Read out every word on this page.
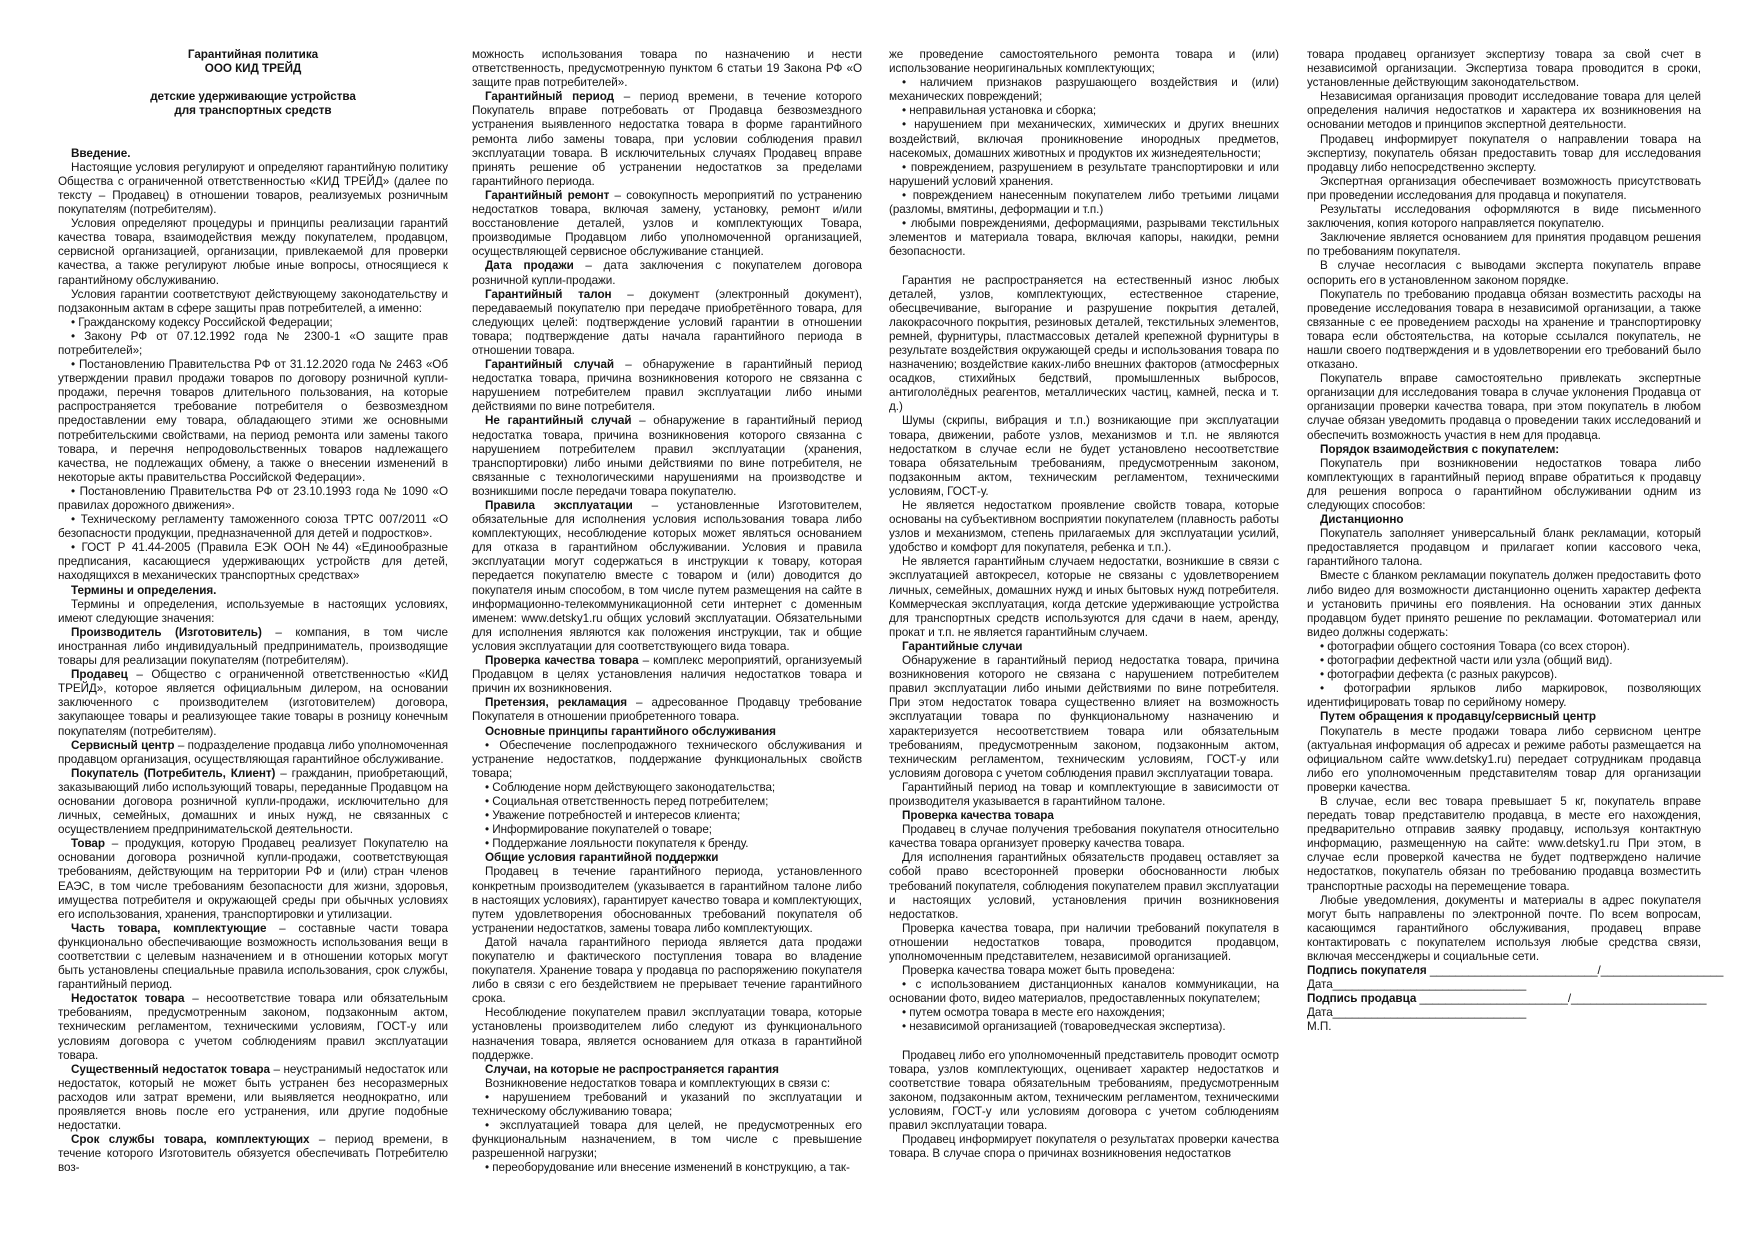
Гарантийная политика

ООО КИД ТРЕЙД

детские удерживающие устройства

для транспортных средств

Введение.

Настоящие условия регулируют и определяют гарантийную политику Общества с ограниченной ответственностью «КИД ТРЕЙД» (далее по тексту – Продавец) в отношении товаров, реализуемых розничным покупателям (потребителям).

Условия определяют процедуры и принципы реализации гарантий качества товара, взаимодействия между покупателем, продавцом, сервисной организацией, организации, привлекаемой для проверки качества, а также регулируют любые иные вопросы, относящиеся к гарантийному обслуживанию.

Условия гарантии соответствуют действующему законодательству и подзаконным актам в сфере защиты прав потребителей, а именно:

• Гражданскому кодексу Российской Федерации;

• Закону РФ от 07.12.1992 года № 2300-1 «О защите прав потребителей»;

• Постановлению Правительства РФ от 31.12.2020 года № 2463 «Об утверждении правил продажи товаров по договору розничной купли-продажи, перечня товаров длительного пользования, на которые распространяется требование потребителя о безвозмездном предоставлении ему товара, обладающего этими же основными потребительскими свойствами, на период ремонта или замены такого товара, и перечня непродовольственных товаров надлежащего качества, не подлежащих обмену, а также о внесении изменений в некоторые акты правительства Российской Федерации».

• Постановлению Правительства РФ от 23.10.1993 года № 1090 «О правилах дорожного движения».

• Техническому регламенту таможенного союза ТРТС 007/2011 «О безопасности продукции, предназначенной для детей и подростков».

• ГОСТ Р 41.44-2005 (Правила ЕЭК ООН №44) «Единообразные предписания, касающиеся удерживающих устройств для детей, находящихся в механических транспортных средствах»

Термины и определения.

Термины и определения, используемые в настоящих условиях, имеют следующие значения:

Производитель (Изготовитель) – компания, в том числе иностранная либо индивидуальный предприниматель, производящие товары для реализации покупателям (потребителям).

Продавец – Общество с ограниченной ответственностью «КИД ТРЕЙД», которое является официальным дилером, на основании заключенного с производителем (изготовителем) договора, закупающее товары и реализующее такие товары в розницу конечным покупателям (потребителям).

Сервисный центр – подразделение продавца либо уполномоченная продавцом организация, осуществляющая гарантийное обслуживание.

Покупатель (Потребитель, Клиент) – гражданин, приобретающий, заказывающий либо использующий товары, переданные Продавцом на основании договора розничной купли-продажи, исключительно для личных, семейных, домашних и иных нужд, не связанных с осуществлением предпринимательской деятельности.

Товар – продукция, которую Продавец реализует Покупателю на основании договора розничной купли-продажи, соответствующая требованиям, действующим на территории РФ и (или) стран членов ЕАЭС, в том числе требованиям безопасности для жизни, здоровья, имущества потребителя и окружающей среды при обычных условиях его использования, хранения, транспортировки и утилизации.

Часть товара, комплектующие – составные части товара функционально обеспечивающие возможность использования вещи в соответствии с целевым назначением и в отношении которых могут быть установлены специальные правила использования, срок службы, гарантийный период.

Недостаток товара – несоответствие товара или обязательным требованиям, предусмотренным законом, подзаконным актом, техническим регламентом, техническими условиям, ГОСТ-у или условиям договора с учетом соблюдениям правил эксплуатации товара.

Существенный недостаток товара – неустранимый недостаток или недостаток, который не может быть устранен без несоразмерных расходов или затрат времени, или выявляется неоднократно, или проявляется вновь после его устранения, или другие подобные недостатки.

Срок службы товара, комплектующих – период времени, в течение которого Изготовитель обязуется обеспечивать Потребителю воз-

можность использования товара по назначению и нести ответственность, предусмотренную пунктом 6 статьи 19 Закона РФ «О защите прав потребителей».

Гарантийный период – период времени, в течение которого Покупатель вправе потребовать от Продавца безвозмездного устранения выявленного недостатка товара в форме гарантийного ремонта либо замены товара, при условии соблюдения правил эксплуатации товара. В исключительных случаях Продавец вправе принять решение об устранении недостатков за пределами гарантийного периода.

Гарантийный ремонт – совокупность мероприятий по устранению недостатков товара, включая замену, установку, ремонт и/или восстановление деталей, узлов и комплектующих Товара, производимые Продавцом либо уполномоченной организацией, осуществляющей сервисное обслуживание станцией.

Дата продажи – дата заключения с покупателем договора розничной купли-продажи.

Гарантийный талон – документ (электронный документ), передаваемый покупателю при передаче приобретённого товара, для следующих целей: подтверждение условий гарантии в отношении товара; подтверждение даты начала гарантийного периода в отношении товара.

Гарантийный случай – обнаружение в гарантийный период недостатка товара, причина возникновения которого не связанна с нарушением потребителем правил эксплуатации либо иными действиями по вине потребителя.

Не гарантийный случай – обнаружение в гарантийный период недостатка товара, причина возникновения которого связанна с нарушением потребителем правил эксплуатации (хранения, транспортировки) либо иными действиями по вине потребителя, не связанные с технологическими нарушениями на производстве и возникшими после передачи товара покупателю.

Правила эксплуатации – установленные Изготовителем, обязательные для исполнения условия использования товара либо комплектующих, несоблюдение которых может являться основанием для отказа в гарантийном обслуживании. Условия и правила эксплуатации могут содержаться в инструкции к товару, которая передается покупателю вместе с товаром и (или) доводится до покупателя иным способом, в том числе путем размещения на сайте в информационно-телекоммуникационной сети интернет с доменным именем: www.detsky1.ru общих условий эксплуатации. Обязательными для исполнения являются как положения инструкции, так и общие условия эксплуатации для соответствующего вида товара.

Проверка качества товара – комплекс мероприятий, организуемый Продавцом в целях установления наличия недостатков товара и причин их возникновения.

Претензия, рекламация – адресованное Продавцу требование Покупателя в отношении приобретенного товара.

Основные принципы гарантийного обслуживания

• Обеспечение послепродажного технического обслуживания и устранение недостатков, поддержание функциональных свойств товара;

• Соблюдение норм действующего законодательства;

• Социальная ответственность перед потребителем;

• Уважение потребностей и интересов клиента;

• Информирование покупателей о товаре;

• Поддержание лояльности покупателя к бренду.

Общие условия гарантийной поддержки

Продавец в течение гарантийного периода, установленного конкретным производителем (указывается в гарантийном талоне либо в настоящих условиях), гарантирует качество товара и комплектующих, путем удовлетворения обоснованных требований покупателя об устранении недостатков, замены товара либо комплектующих.

Датой начала гарантийного периода является дата продажи покупателю и фактического поступления товара во владение покупателя. Хранение товара у продавца по распоряжению покупателя либо в связи с его бездействием не прерывает течение гарантийного срока.

Несоблюдение покупателем правил эксплуатации товара, которые установлены производителем либо следуют из функционального назначения товара, является основанием для отказа в гарантийной поддержке.

Случаи, на которые не распространяется гарантия

Возникновение недостатков товара и комплектующих в связи с:

• нарушением требований и указаний по эксплуатации и техническому обслуживанию товара;

• эксплуатацией товара для целей, не предусмотренных его функциональным назначением, в том числе с превышение разрешенной нагрузки;

• переоборудование или внесение изменений в конструкцию, а так-

же проведение самостоятельного ремонта товара и (или) использование неоригинальных комплектующих;

• наличием признаков разрушающего воздействия и (или) механических повреждений;

• неправильная установка и сборка;

• нарушением при механических, химических и других внешних воздействий, включая проникновение инородных предметов, насекомых, домашних животных и продуктов их жизнедеятельности;

• повреждением, разрушением в результате транспортировки и или нарушений условий хранения.

• повреждением нанесенным покупателем либо третьими лицами (разломы, вмятины, деформации и т.п.)

• любыми повреждениями, деформациями, разрывами текстильных элементов и материала товара, включая капоры, накидки, ремни безопасности.

Гарантия не распространяется на естественный износ любых деталей, узлов, комплектующих, естественное старение, обесцвечивание, выгорание и разрушение покрытия деталей, лакокрасочного покрытия, резиновых деталей, текстильных элементов, ремней, фурнитуры, пластмассовых деталей крепежной фурнитуры в результате воздействия окружающей среды и использования товара по назначению; воздействие каких-либо внешних факторов (атмосферных осадков, стихийных бедствий, промышленных выбросов, антигололёдных реагентов, металлических частиц, камней, песка и т. д.)

Шумы (скрипы, вибрация и т.п.) возникающие при эксплуатации товара, движении, работе узлов, механизмов и т.п. не являются недостатком в случае если не будет установлено несоответствие товара обязательным требованиям, предусмотренным законом, подзаконным актом, техническим регламентом, техническими условиям, ГОСТ-у.

Не является недостатком проявление свойств товара, которые основаны на субъективном восприятии покупателем (плавность работы узлов и механизмом, степень прилагаемых для эксплуатации усилий, удобство и комфорт для покупателя, ребенка и т.п.).

Не является гарантийным случаем недостатки, возникшие в связи с эксплуатацией автокресел, которые не связаны с удовлетворением личных, семейных, домашних нужд и иных бытовых нужд потребителя. Коммерческая эксплуатация, когда детские удерживающие устройства для транспортных средств используются для сдачи в наем, аренду, прокат и т.п. не является гарантийным случаем.

Гарантийные случаи

Обнаружение в гарантийный период недостатка товара, причина возникновения которого не связана с нарушением потребителем правил эксплуатации либо иными действиями по вине потребителя. При этом недостаток товара существенно влияет на возможность эксплуатации товара по функциональному назначению и характеризуется несоответствием товара или обязательным требованиям, предусмотренным законом, подзаконным актом, техническим регламентом, техническим условиям, ГОСТ-у или условиям договора с учетом соблюдения правил эксплуатации товара.

Гарантийный период на товар и комплектующие в зависимости от производителя указывается в гарантийном талоне.

Проверка качества товара

Продавец в случае получения требования покупателя относительно качества товара организует проверку качества товара.

Для исполнения гарантийных обязательств продавец оставляет за собой право всесторонней проверки обоснованности любых требований покупателя, соблюдения покупателем правил эксплуатации и настоящих условий, установления причин возникновения недостатков.

Проверка качества товара, при наличии требований покупателя в отношении недостатков товара, проводится продавцом, уполномоченным представителем, независимой организацией.

Проверка качества товара может быть проведена:

• с использованием дистанционных каналов коммуникации, на основании фото, видео материалов, предоставленных покупателем;

• путем осмотра товара в месте его нахождения;

• независимой организацией (товароведческая экспертиза).

Продавец либо его уполномоченный представитель проводит осмотр товара, узлов комплектующих, оценивает характер недостатков и соответствие товара обязательным требованиям, предусмотренным законом, подзаконным актом, техническим регламентом, техническими условиям, ГОСТ-у или условиям договора с учетом соблюдениям правил эксплуатации товара.

Продавец информирует покупателя о результатах проверки качества товара. В случае спора о причинах возникновения недостатков

товара продавец организует экспертизу товара за свой счет в независимой организации. Экспертиза товара проводится в сроки, установленные действующим законодательством.

Независимая организация проводит исследование товара для целей определения наличия недостатков и характера их возникновения на основании методов и принципов экспертной деятельности.

Продавец информирует покупателя о направлении товара на экспертизу, покупатель обязан предоставить товар для исследования продавцу либо непосредственно эксперту.

Экспертная организация обеспечивает возможность присутствовать при проведении исследования для продавца и покупателя.

Результаты исследования оформляются в виде письменного заключения, копия которого направляется покупателю.

Заключение является основанием для принятия продавцом решения по требованиям покупателя.

В случае несогласия с выводами эксперта покупатель вправе оспорить его в установленном законом порядке.

Покупатель по требованию продавца обязан возместить расходы на проведение исследования товара в независимой организации, а также связанные с ее проведением расходы на хранение и транспортировку товара если обстоятельства, на которые ссылался покупатель, не нашли своего подтверждения и в удовлетворении его требований было отказано.

Покупатель вправе самостоятельно привлекать экспертные организации для исследования товара в случае уклонения Продавца от организации проверки качества товара, при этом покупатель в любом случае обязан уведомить продавца о проведении таких исследований и обеспечить возможность участия в нем для продавца.

Порядок взаимодействия с покупателем:

Покупатель при возникновении недостатков товара либо комплектующих в гарантийный период вправе обратиться к продавцу для решения вопроса о гарантийном обслуживании одним из следующих способов:

Дистанционно

Покупатель заполняет универсальный бланк рекламации, который предоставляется продавцом и прилагает копии кассового чека, гарантийного талона.

Вместе с бланком рекламации покупатель должен предоставить фото либо видео для возможности дистанционно оценить характер дефекта и установить причины его появления. На основании этих данных продавцом будет принято решение по рекламации. Фотоматериал или видео должны содержать:

• фотографии общего состояния Товара (со всех сторон).

• фотографии дефектной части или узла (общий вид).

• фотографии дефекта (с разных ракурсов).

• фотографии ярлыков либо маркировок, позволяющих идентифицировать товар по серийному номеру.

Путем обращения к продавцу/сервисный центр

Покупатель в месте продажи товара либо сервисном центре (актуальная информация об адресах и режиме работы размещается на официальном сайте www.detsky1.ru) передает сотрудникам продавца либо его уполномоченным представителям товар для организации проверки качества.

В случае, если вес товара превышает 5 кг, покупатель вправе передать товар представителю продавца, в месте его нахождения, предварительно отправив заявку продавцу, используя контактную информацию, размещенную на сайте: www.detsky1.ru При этом, в случае если проверкой качества не будет подтверждено наличие недостатков, покупатель обязан по требованию продавца возместить транспортные расходы на перемещение товара.

Любые уведомления, документы и материалы в адрес покупателя могут быть направлены по электронной почте. По всем вопросам, касающимся гарантийного обслуживания, продавец вправе контактировать с покупателем используя любые средства связи, включая мессенджеры и социальные сети.

Подпись покупателя __________________________/___________________

Дата______________________________

Подпись продавца _______________________/_____________________

Дата______________________________

М.П.
